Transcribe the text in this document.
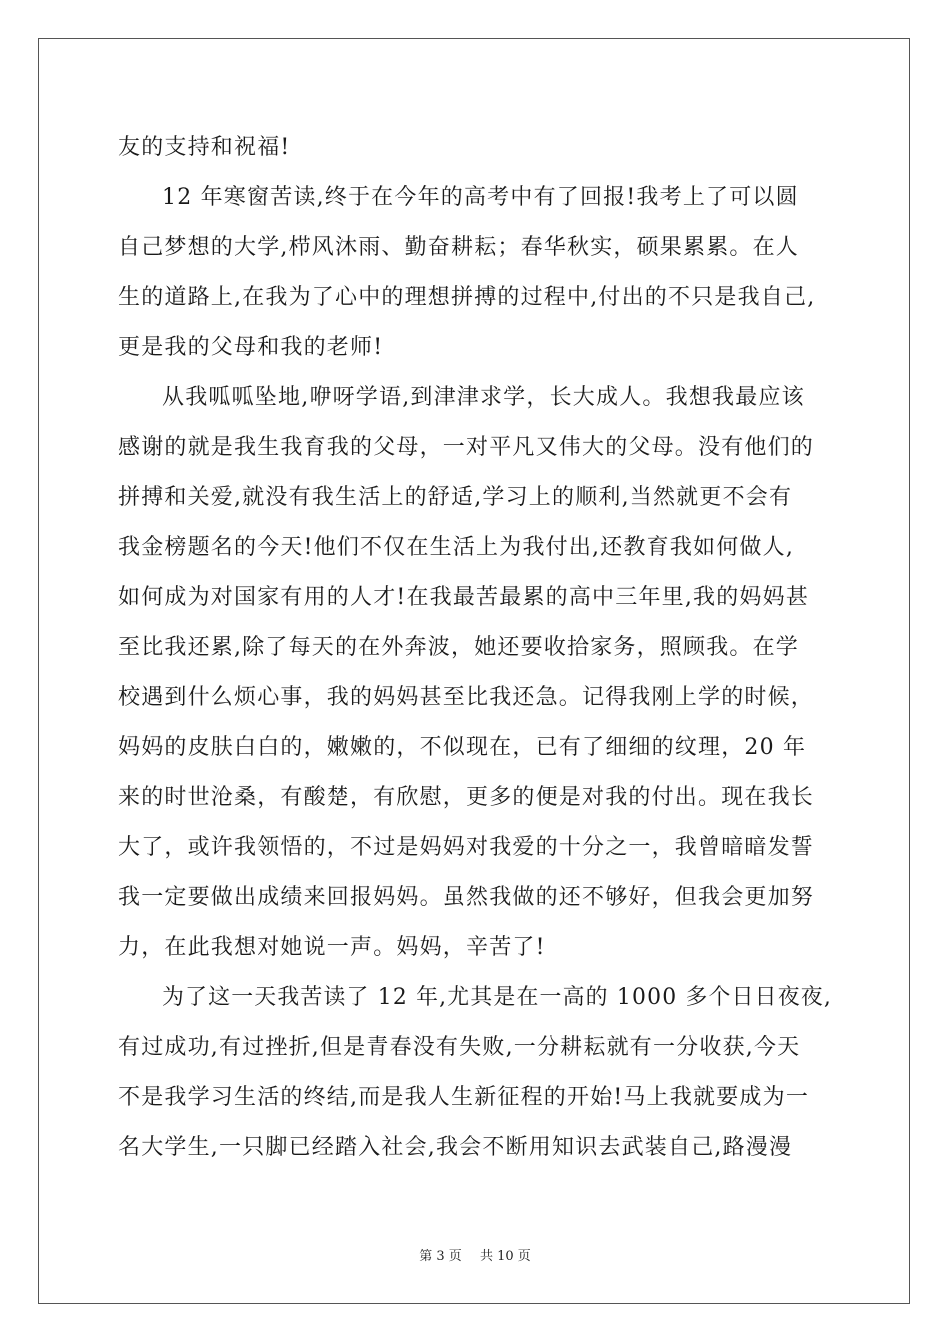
友的支持和祝福!
12 年寒窗苦读,终于在今年的高考中有了回报!我考上了可以圆
自己梦想的大学,栉风沐雨、勤奋耕耘；春华秋实，硕果累累。在人
生的道路上,在我为了心中的理想拼搏的过程中,付出的不只是我自己,
更是我的父母和我的老师!
从我呱呱坠地,咿呀学语,到津津求学，长大成人。我想我最应该
感谢的就是我生我育我的父母，一对平凡又伟大的父母。没有他们的
拼搏和关爱,就没有我生活上的舒适,学习上的顺利,当然就更不会有
我金榜题名的今天!他们不仅在生活上为我付出,还教育我如何做人,
如何成为对国家有用的人才!在我最苦最累的高中三年里,我的妈妈甚
至比我还累,除了每天的在外奔波，她还要收拾家务，照顾我。在学
校遇到什么烦心事，我的妈妈甚至比我还急。记得我刚上学的时候，
妈妈的皮肤白白的，嫩嫩的，不似现在，已有了细细的纹理，20 年
来的时世沧桑，有酸楚，有欣慰，更多的便是对我的付出。现在我长
大了，或许我领悟的，不过是妈妈对我爱的十分之一，我曾暗暗发誓
我一定要做出成绩来回报妈妈。虽然我做的还不够好，但我会更加努
力，在此我想对她说一声。妈妈，辛苦了!
为了这一天我苦读了 12 年,尤其是在一高的 1000 多个日日夜夜,
有过成功,有过挫折,但是青春没有失败,一分耕耘就有一分收获,今天
不是我学习生活的终结,而是我人生新征程的开始!马上我就要成为一
名大学生,一只脚已经踏入社会,我会不断用知识去武装自己,路漫漫
第 3 页 共 10 页
